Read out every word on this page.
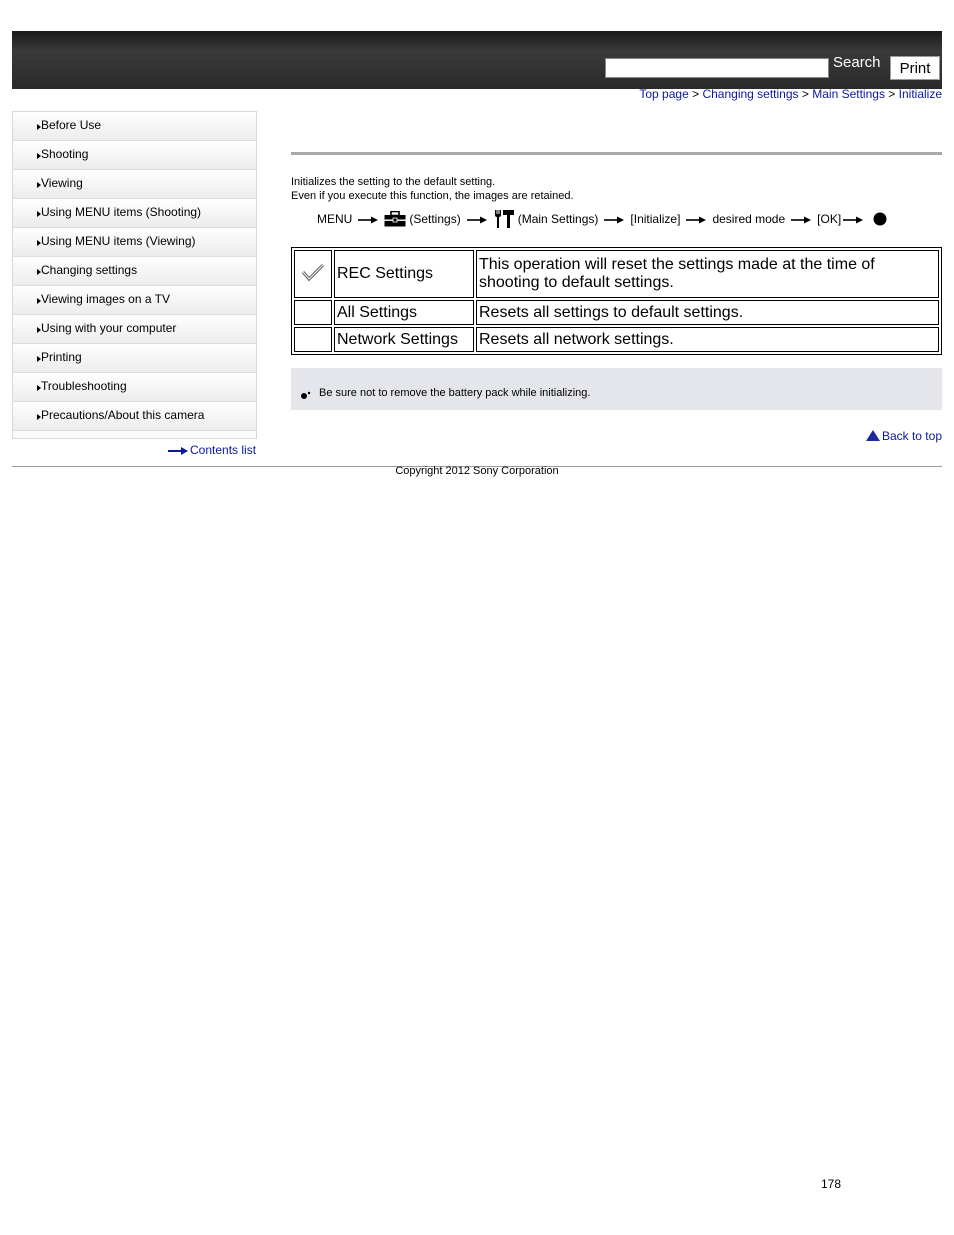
Search	Print
Top page > Changing settings > Main Settings > Initialize
Before Use
Shooting
Viewing
Using MENU items (Shooting)
Using MENU items (Viewing)
Changing settings
Viewing images on a TV
Using with your computer
Printing
Troubleshooting
Precautions/About this camera
Contents list
Initializes the setting to the default setting.
Even if you execute this function, the images are retained.
MENU	(Settings)	(Main Settings)	[Initialize]	desired mode	[OK]
	REC Settings	This operation will reset the settings made at the time of shooting to default settings.
	All Settings	Resets all settings to default settings.
	Network Settings	Resets all network settings.
Be sure not to remove the battery pack while initializing.
Back to top
Copyright 2012 Sony Corporation
178
